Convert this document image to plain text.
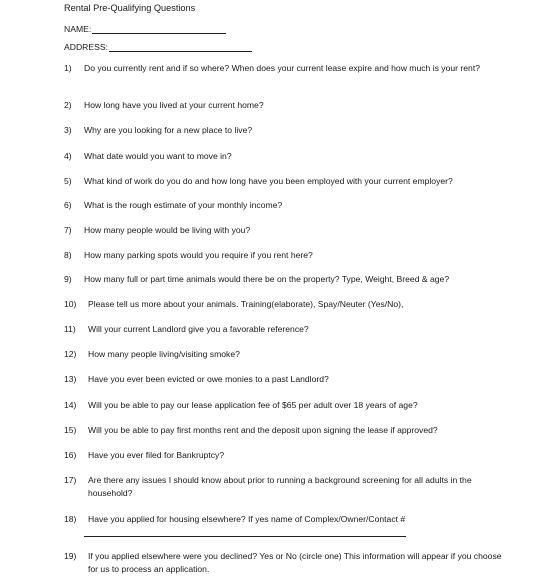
Rental Pre-Qualifying Questions
NAME:
ADDRESS:
1)	Do you currently rent and if so where? When does your current lease expire and how much is your rent?
2)	How long have you lived at your current home?
3)	Why are you looking for a new place to live?
4)	What date would you want to move in?
5)	What kind of work do you do and how long have you been employed with your current employer?
6)	What is the rough estimate of your monthly income?
7)	How many people would be living with you?
8)	How many parking spots would you require if you rent here?
9)	How many full or part time animals would there be on the property? Type, Weight, Breed & age?
10)	Please tell us more about your animals. Training(elaborate), Spay/Neuter (Yes/No),
11)	Will your current Landlord give you a favorable reference?
12)	How many people living/visiting smoke?
13)	Have you ever been evicted or owe monies to a past Landlord?
14)	Will you be able to pay our lease application fee of $65 per adult over 18 years of age?
15)	Will you be able to pay first months rent and the deposit upon signing the lease if approved?
16)	Have you ever filed for Bankruptcy?
17)	Are there any issues I should know about prior to running a background screening for all adults in the household?
18)	Have you applied for housing elsewhere? If yes name of Complex/Owner/Contact #
19)	If you applied elsewhere were you declined? Yes or No (circle one) This information will appear if you choose for us to process an application.
